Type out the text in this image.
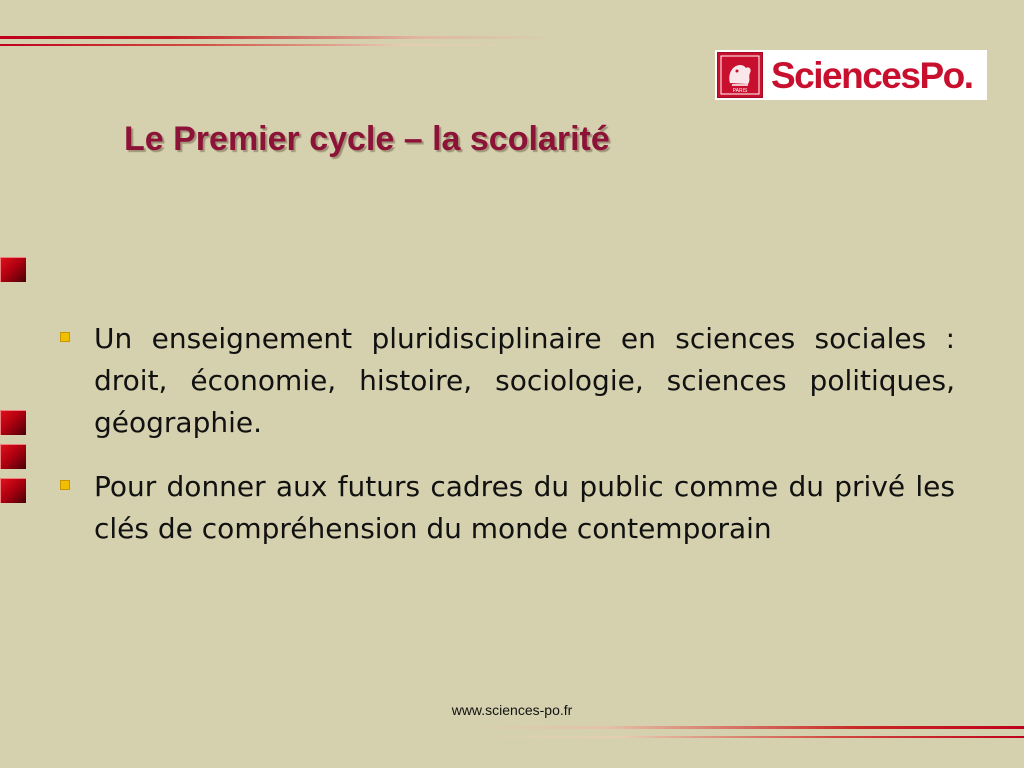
PARIS SciencesPo.
Le Premier cycle – la scolarité
Un enseignement pluridisciplinaire en sciences sociales : droit, économie, histoire, sociologie, sciences politiques, géographie.
Pour donner aux futurs cadres du public comme du privé les clés de compréhension du monde contemporain
www.sciences-po.fr
